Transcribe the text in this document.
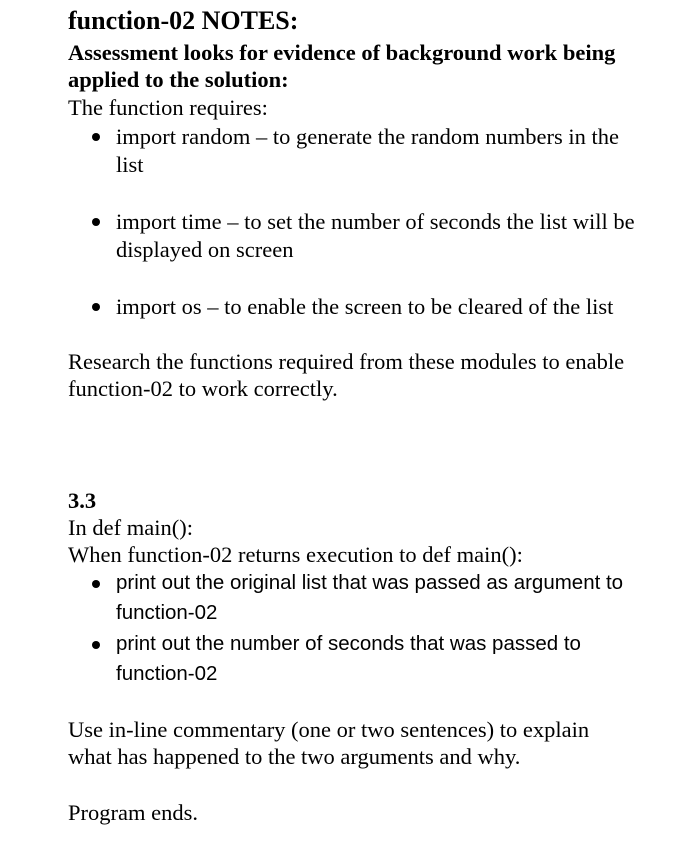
function-02 NOTES:
Assessment looks for evidence of background work being
applied to the solution:
The function requires:
import random – to generate the random numbers in the
list
import time – to set the number of seconds the list will be
displayed on screen
import os – to enable the screen to be cleared of the list
Research the functions required from these modules to enable
function-02 to work correctly.
3.3
In def main():
When function-02 returns execution to def main():
print out the original list that was passed as argument to
function-02
print out the number of seconds that was passed to
function-02
Use in-line commentary (one or two sentences) to explain
what has happened to the two arguments and why.
Program ends.
